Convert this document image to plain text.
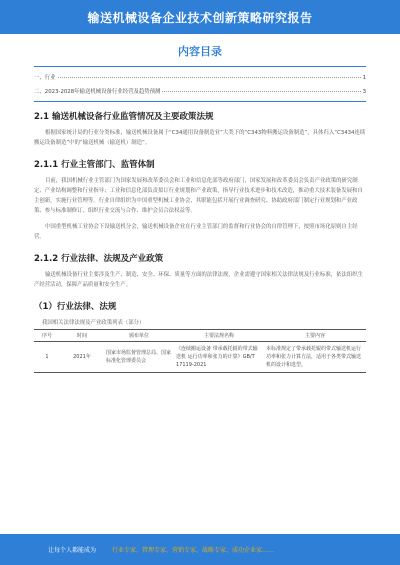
输送机械设备企业技术创新策略研究报告
内容目录
一、行业	1
二、2023-2028年输送机械设备行业经营及趋势预测	3
2.1 输送机械设备行业监管情况及主要政策法规

根据国家统计局的行业分类标准，输送机械设备属于“C34通用设备制造业”大类下的“C343物料搬运设备制造”，具体归入“C3434连续搬运设备制造”中的“输送机械（输送机）制造”。

2.1.1 行业主管部门、监管体制

目前，我国机械行业主管部门为国家发展和改革委员会和工业和信息化部等政府部门，国家发展和改革委员会负责产业政策的研究制定、产业结构调整和行业指导；工业和信息化部负责拟订行业规划和产业政策，指导行业技术进步和技术改造，推动重大技术装备发展和自主创新，实施行业管理等。行业自律组织为中国重型机械工业协会，其职能包括开展行业调查研究、协助政府部门制定行业规划和产业政策、参与标准制修订、组织行业交流与合作、维护会员合法权益等。

中国重型机械工业协会下设输送机分会，输送机械设备企业在行业主管部门的监督和行业协会的自律管理下，按照市场化原则自主经营。

2.1.2 行业法律、法规及产业政策

输送机械设备行业主要涉及生产、制造、安全、环保、质量等方面的法律法规，企业需遵守国家相关法律法规及行业标准，依法组织生产经营活动，保障产品质量和安全生产。

（1）行业法律、法规
我国相关法律法规及产业政策列表（部分）
序号	时间	颁布单位	主要法规名称	主要内容
1	2021年	国家市场监督管理总局、国家标准化管理委员会	《连续搬运设备 带承载托辊的带式输送机 运行功率和张力的计算》GB/T 17119-2021	本标准规定了带承载托辊的带式输送机运行功率和张力计算方法，适用于各类带式输送机的设计和选型。
让每个人都能成为	行业专家、管理专家、营销专家、战略专家、成功企业家……
